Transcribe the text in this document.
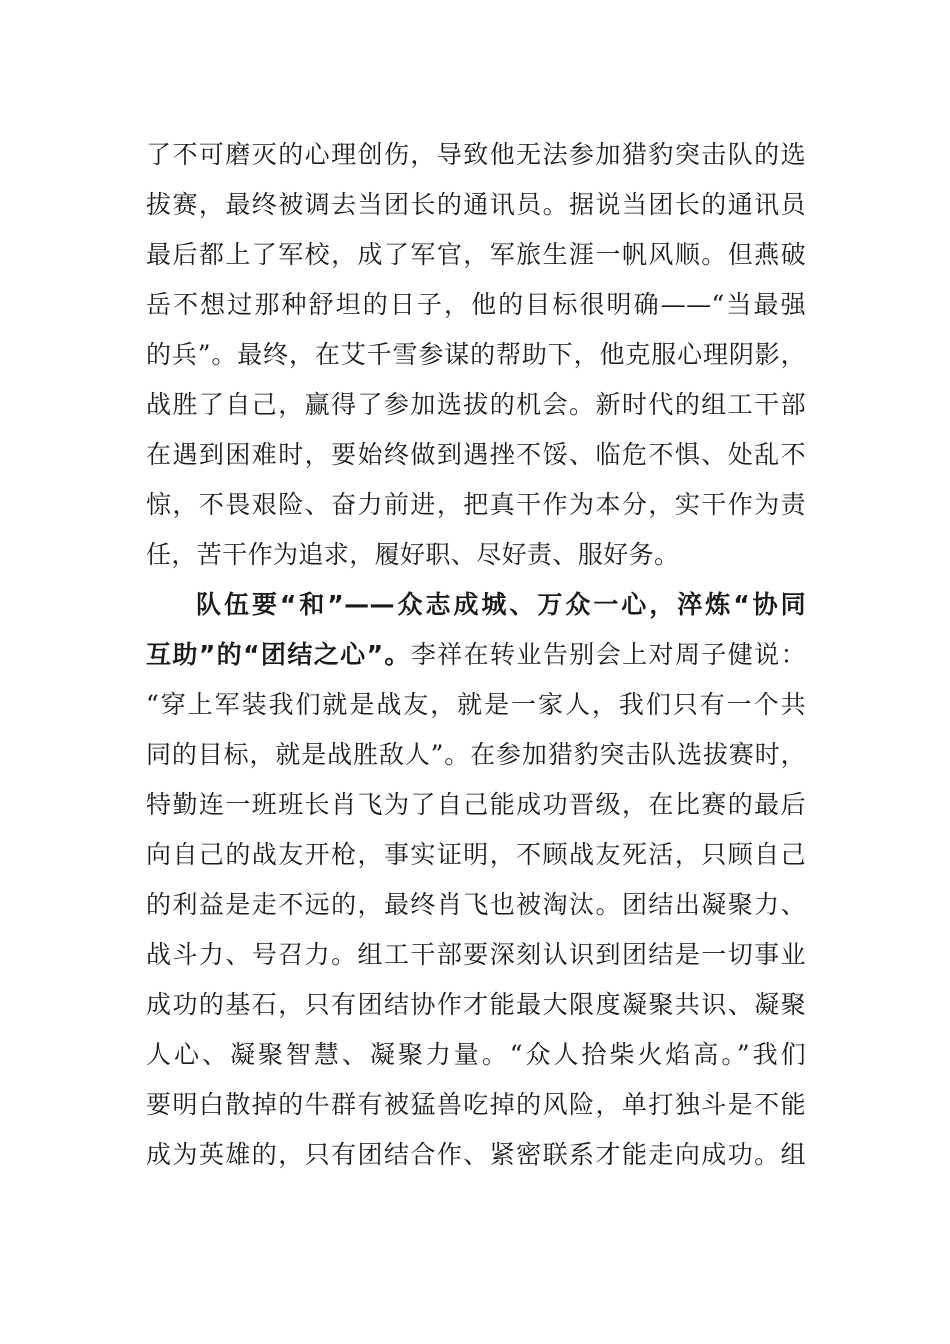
了不可磨灭的心理创伤，导致他无法参加猎豹突击队的选
拔赛，最终被调去当团长的通讯员。据说当团长的通讯员
最后都上了军校，成了军官，军旅生涯一帆风顺。但燕破
岳不想过那种舒坦的日子，他的目标很明确——“当最强
的兵”。最终，在艾千雪参谋的帮助下，他克服心理阴影，
战胜了自己，赢得了参加选拔的机会。新时代的组工干部
在遇到困难时，要始终做到遇挫不馁、临危不惧、处乱不
惊，不畏艰险、奋力前进，把真干作为本分，实干作为责
任，苦干作为追求，履好职、尽好责、服好务。
队伍要“和”——众志成城、万众一心，淬炼“协同
互助”的“团结之心”。李祥在转业告别会上对周子健说：
“穿上军装我们就是战友，就是一家人，我们只有一个共
同的目标，就是战胜敌人”。在参加猎豹突击队选拔赛时，
特勤连一班班长肖飞为了自己能成功晋级，在比赛的最后
向自己的战友开枪，事实证明，不顾战友死活，只顾自己
的利益是走不远的，最终肖飞也被淘汰。团结出凝聚力、
战斗力、号召力。组工干部要深刻认识到团结是一切事业
成功的基石，只有团结协作才能最大限度凝聚共识、凝聚
人心、凝聚智慧、凝聚力量。“众人拾柴火焰高。”我们
要明白散掉的牛群有被猛兽吃掉的风险，单打独斗是不能
成为英雄的，只有团结合作、紧密联系才能走向成功。组
